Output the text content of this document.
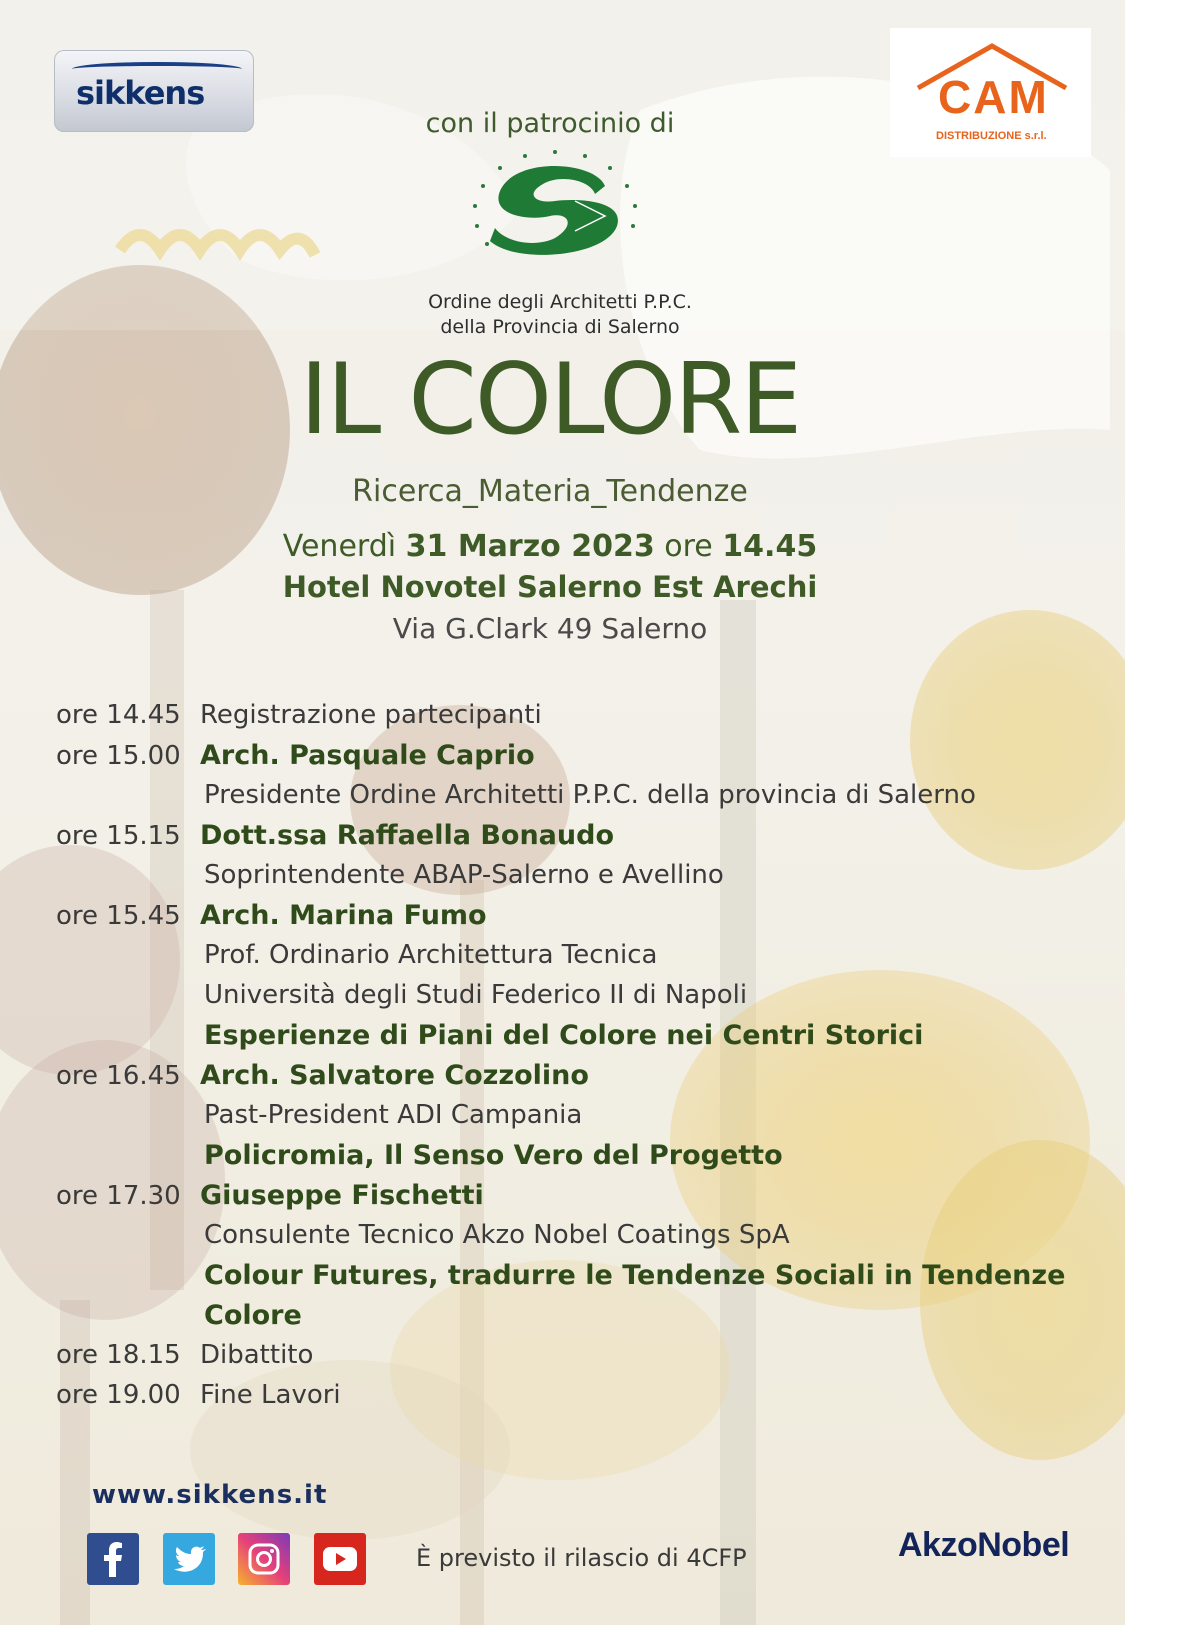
sikkens	CAM
DISTRIBUZIONE s.r.l.
con il patrocinio di
Ordine degli Architetti P.P.C.
della Provincia di Salerno
IL COLORE
Ricerca_Materia_Tendenze
Venerdì 31 Marzo 2023 ore 14.45
Hotel Novotel Salerno Est Arechi
Via G.Clark 49 Salerno
ore 14.45 Registrazione partecipanti
ore 15.00 Arch. Pasquale Caprio
Presidente Ordine Architetti P.P.C. della provincia di Salerno
ore 15.15 Dott.ssa Raffaella Bonaudo
Soprintendente ABAP-Salerno e Avellino
ore 15.45 Arch. Marina Fumo
Prof. Ordinario Architettura Tecnica
Università degli Studi Federico II di Napoli
Esperienze di Piani del Colore nei Centri Storici
ore 16.45 Arch. Salvatore Cozzolino
Past-President ADI Campania
Policromia, Il Senso Vero del Progetto
ore 17.30 Giuseppe Fischetti
Consulente Tecnico Akzo Nobel Coatings SpA
Colour Futures, tradurre le Tendenze Sociali in Tendenze
Colore
ore 18.15 Dibattito
ore 19.00 Fine Lavori
www.sikkens.it
È previsto il rilascio di 4CFP	AkzoNobel
